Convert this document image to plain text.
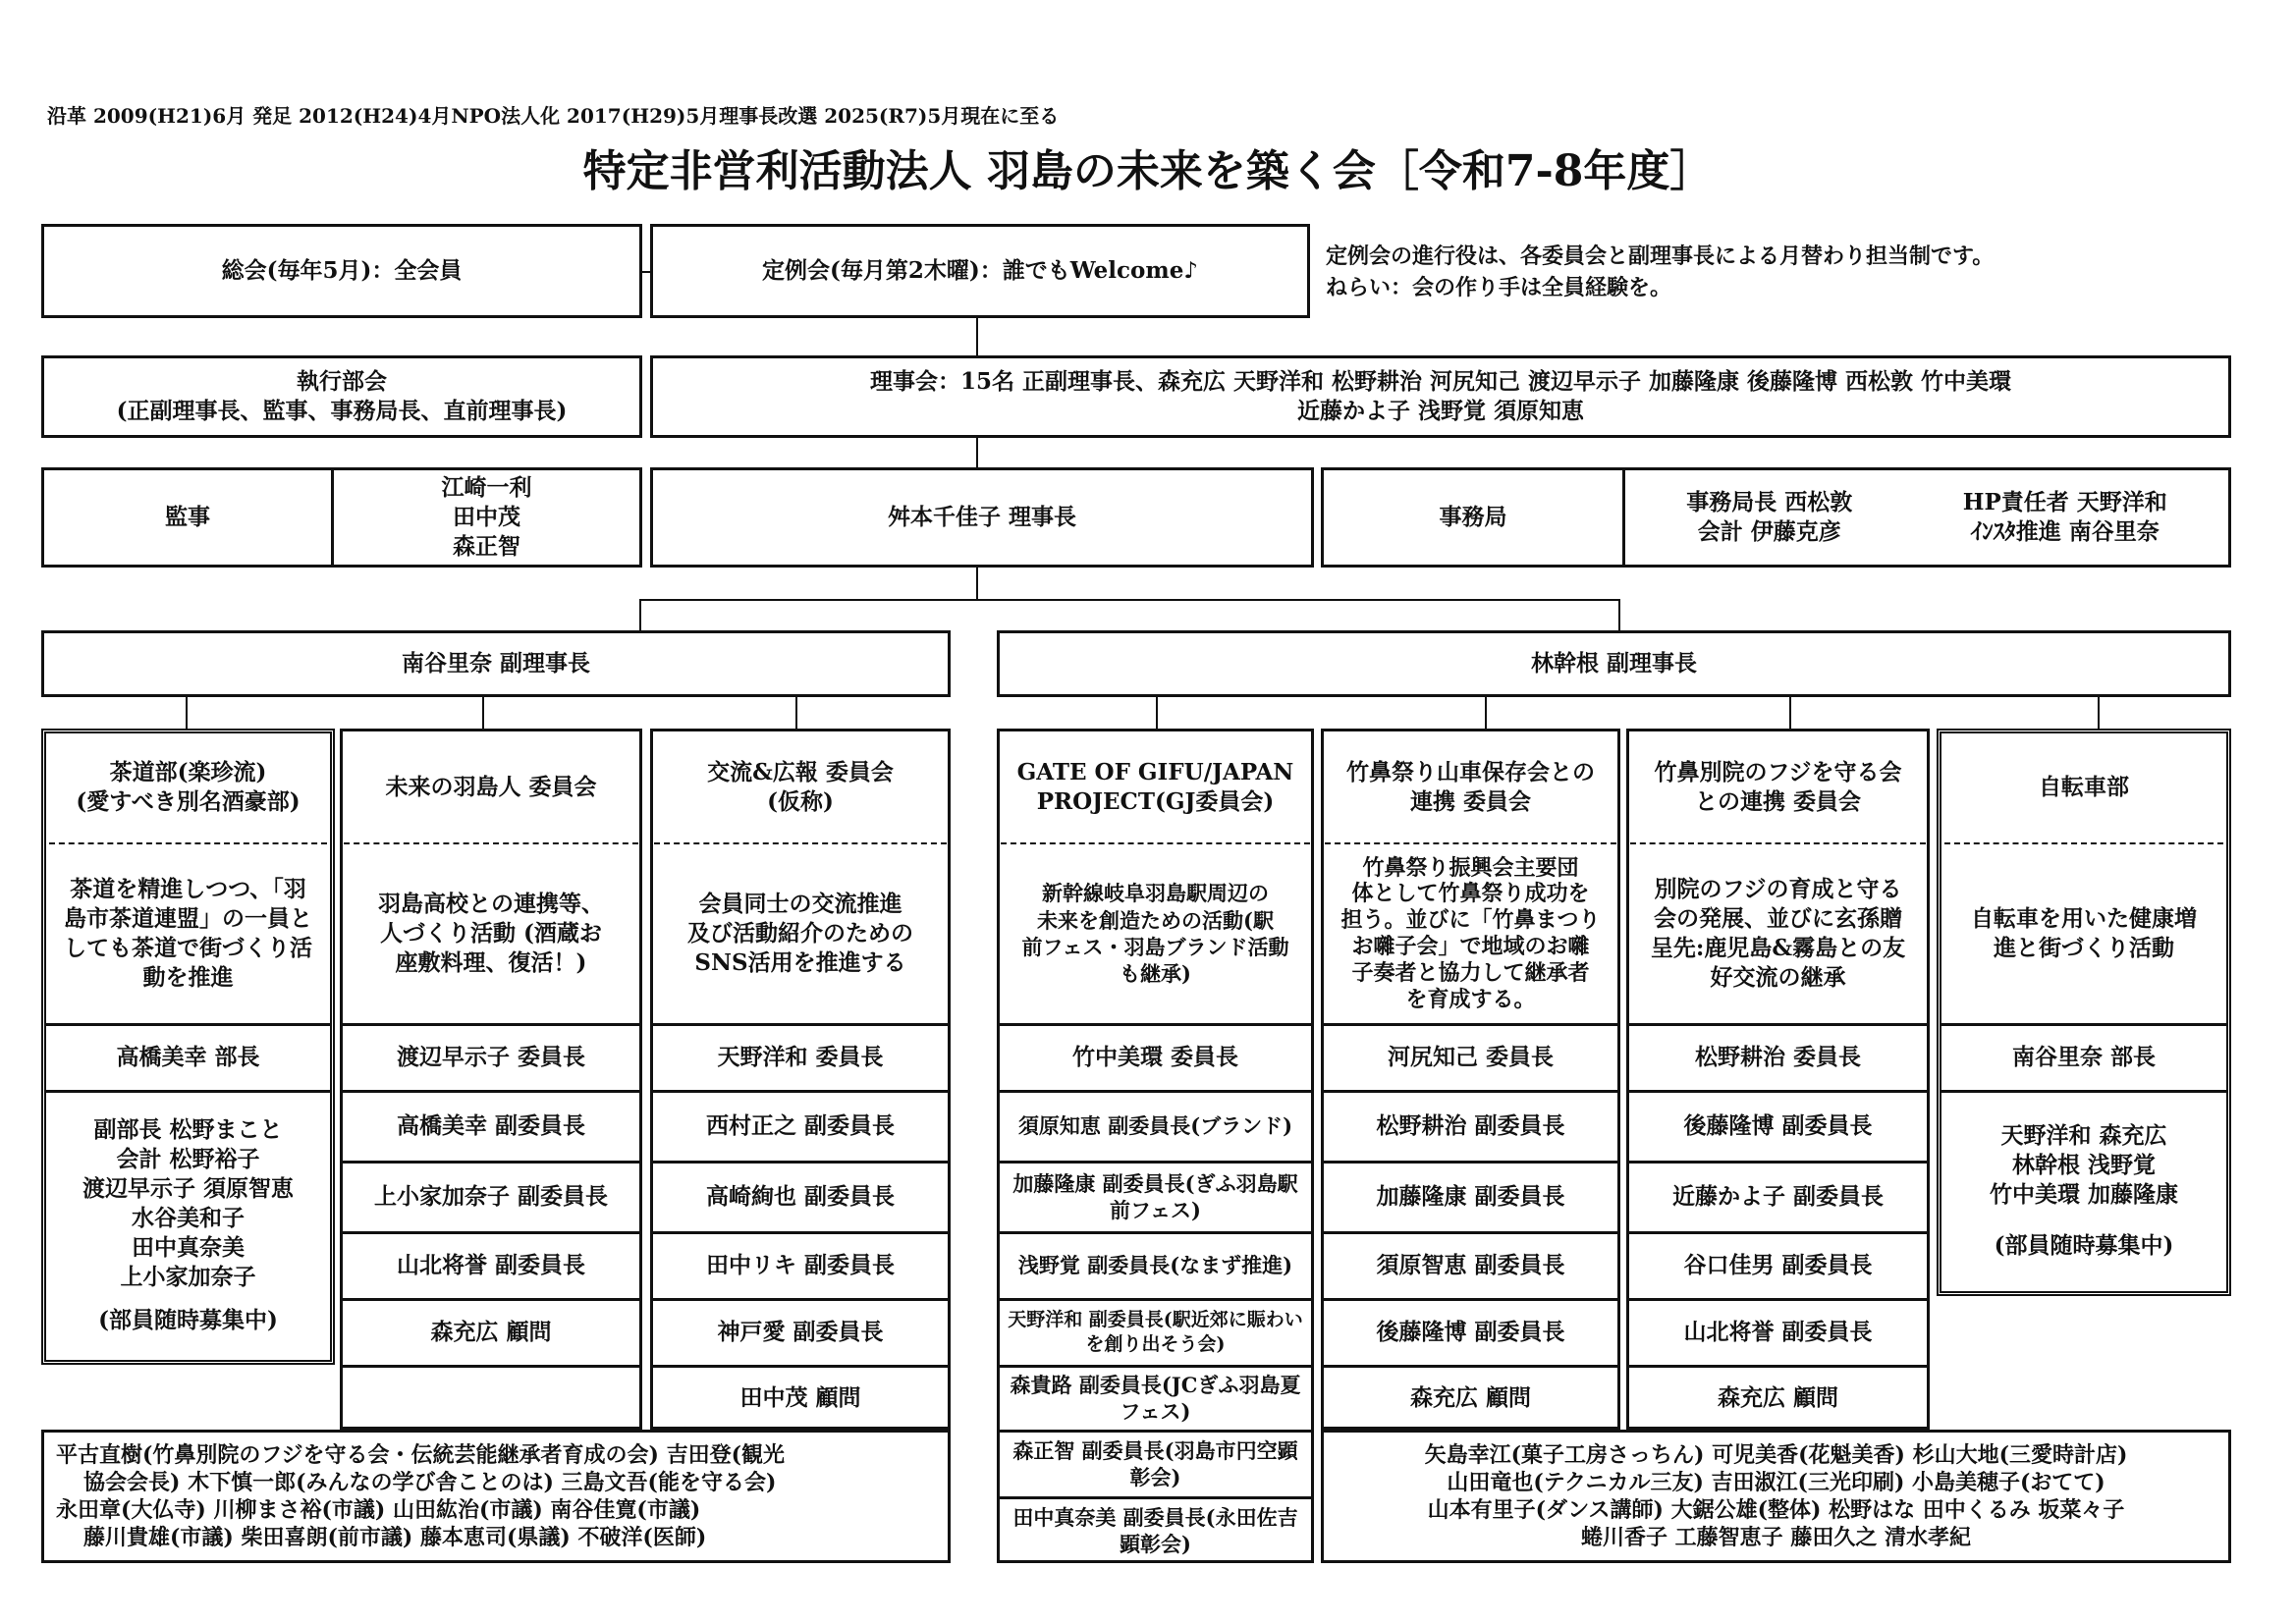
沿革 2009(H21)6月 発足 2012(H24)4月NPO法人化 2017(H29)5月理事長改選 2025(R7)5月現在に至る
特定非営利活動法人 羽島の未来を築く会［令和7-8年度］
総会(毎年5月)：全会員	定例会(毎月第2木曜)：誰でもWelcome♪
定例会の進行役は、各委員会と副理事長による月替わり担当制です。
ねらい：会の作り手は全員経験を。
執行部会
(正副理事長、監事、事務局長、直前理事長)
理事会：15名 正副理事長、森充広 天野洋和 松野耕治 河尻知己 渡辺早示子 加藤隆康 後藤隆博 西松敦 竹中美環
近藤かよ子 浅野覚 須原知恵
監事
江崎一利
田中茂
森正智
舛本千佳子 理事長	事務局
事務局長 西松敦
会計 伊藤克彦
HP責任者 天野洋和
ｲﾝｽﾀ推進 南谷里奈
南谷里奈 副理事長	林幹根 副理事長
茶道部(楽珍流)
(愛すべき別名酒豪部)
茶道を精進しつつ、「羽
島市茶道連盟」の一員と
しても茶道で街づくり活
動を推進
高橋美幸 部長
副部長 松野まこと
会計 松野裕子
渡辺早示子 須原智恵
水谷美和子
田中真奈美
上小家加奈子
(部員随時募集中)
未来の羽島人 委員会
羽島高校との連携等、
人づくり活動 (酒蔵お
座敷料理、復活！)
渡辺早示子 委員長
高橋美幸 副委員長
上小家加奈子 副委員長
山北将誉 副委員長
森充広 顧問
交流&広報 委員会
(仮称)
会員同士の交流推進
及び活動紹介のための
SNS活用を推進する
天野洋和 委員長
西村正之 副委員長
高崎絢也 副委員長
田中リキ 副委員長
神戸愛 副委員長
田中茂 顧問
GATE OF GIFU/JAPAN
PROJECT(GJ委員会)
新幹線岐阜羽島駅周辺の
未来を創造ための活動(駅
前フェス・羽島ブランド活動
も継承)
竹中美環 委員長
須原知恵 副委員長(ブランド)
加藤隆康 副委員長(ぎふ羽島駅前フェス)
浅野覚 副委員長(なまず推進)
天野洋和 副委員長(駅近郊に賑わいを創り出そう会)
森貴路 副委員長(JCぎふ羽島夏フェス)
森正智 副委員長(羽島市円空顕彰会)
田中真奈美 副委員長(永田佐吉顕彰会)
竹鼻祭り山車保存会との
連携 委員会
竹鼻祭り振興会主要団
体として竹鼻祭り成功を
担う。並びに「竹鼻まつり
お囃子会」で地域のお囃
子奏者と協力して継承者
を育成する。
河尻知己 委員長
松野耕治 副委員長
加藤隆康 副委員長
須原智恵 副委員長
後藤隆博 副委員長
森充広 顧問
竹鼻別院のフジを守る会
との連携 委員会
別院のフジの育成と守る
会の発展、並びに玄孫贈
呈先:鹿児島&霧島との友
好交流の継承
松野耕治 委員長
後藤隆博 副委員長
近藤かよ子 副委員長
谷口佳男 副委員長
山北将誉 副委員長
森充広 顧問
自転車部
自転車を用いた健康増
進と街づくり活動
南谷里奈 部長
天野洋和 森充広
林幹根 浅野覚
竹中美環 加藤隆康
(部員随時募集中)
平古直樹(竹鼻別院のフジを守る会・伝統芸能継承者育成の会) 吉田登(観光
協会会長) 木下慎一郎(みんなの学び舎ことのは) 三島文吾(能を守る会)
永田章(大仏寺) 川柳まさ裕(市議) 山田紘治(市議) 南谷佳寛(市議)
藤川貴雄(市議) 柴田喜朗(前市議) 藤本恵司(県議) 不破洋(医師)
矢島幸江(菓子工房さっちん) 可児美香(花魁美香) 杉山大地(三愛時計店)
山田竜也(テクニカル三友) 吉田淑江(三光印刷) 小島美穂子(おてて)
山本有里子(ダンス講師) 大鋸公雄(整体) 松野はな 田中くるみ 坂菜々子
蜷川香子 工藤智恵子 藤田久之 清水孝紀
